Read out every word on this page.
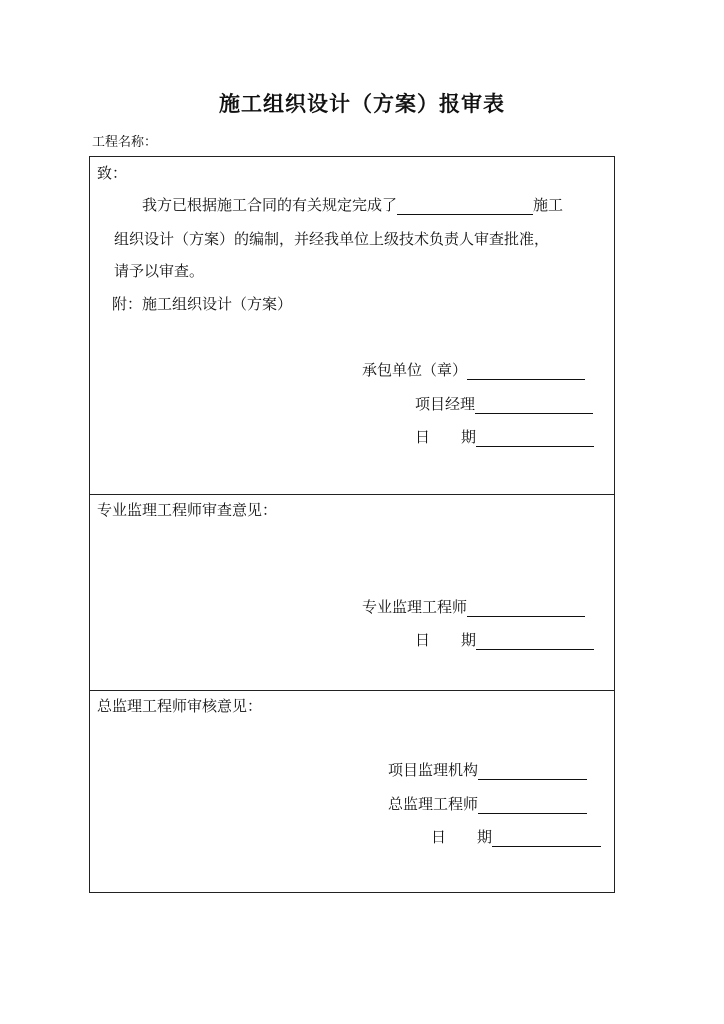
施工组织设计（方案）报审表
工程名称：
致：
我方已根据施工合同的有关规定完成了	施工
组织设计（方案）的编制，并经我单位上级技术负责人审查批准，
请予以审查。
附：施工组织设计（方案）
承包单位（章）
项目经理
日 期
专业监理工程师审查意见：
专业监理工程师
日 期
总监理工程师审核意见：
项目监理机构
总监理工程师
日 期
